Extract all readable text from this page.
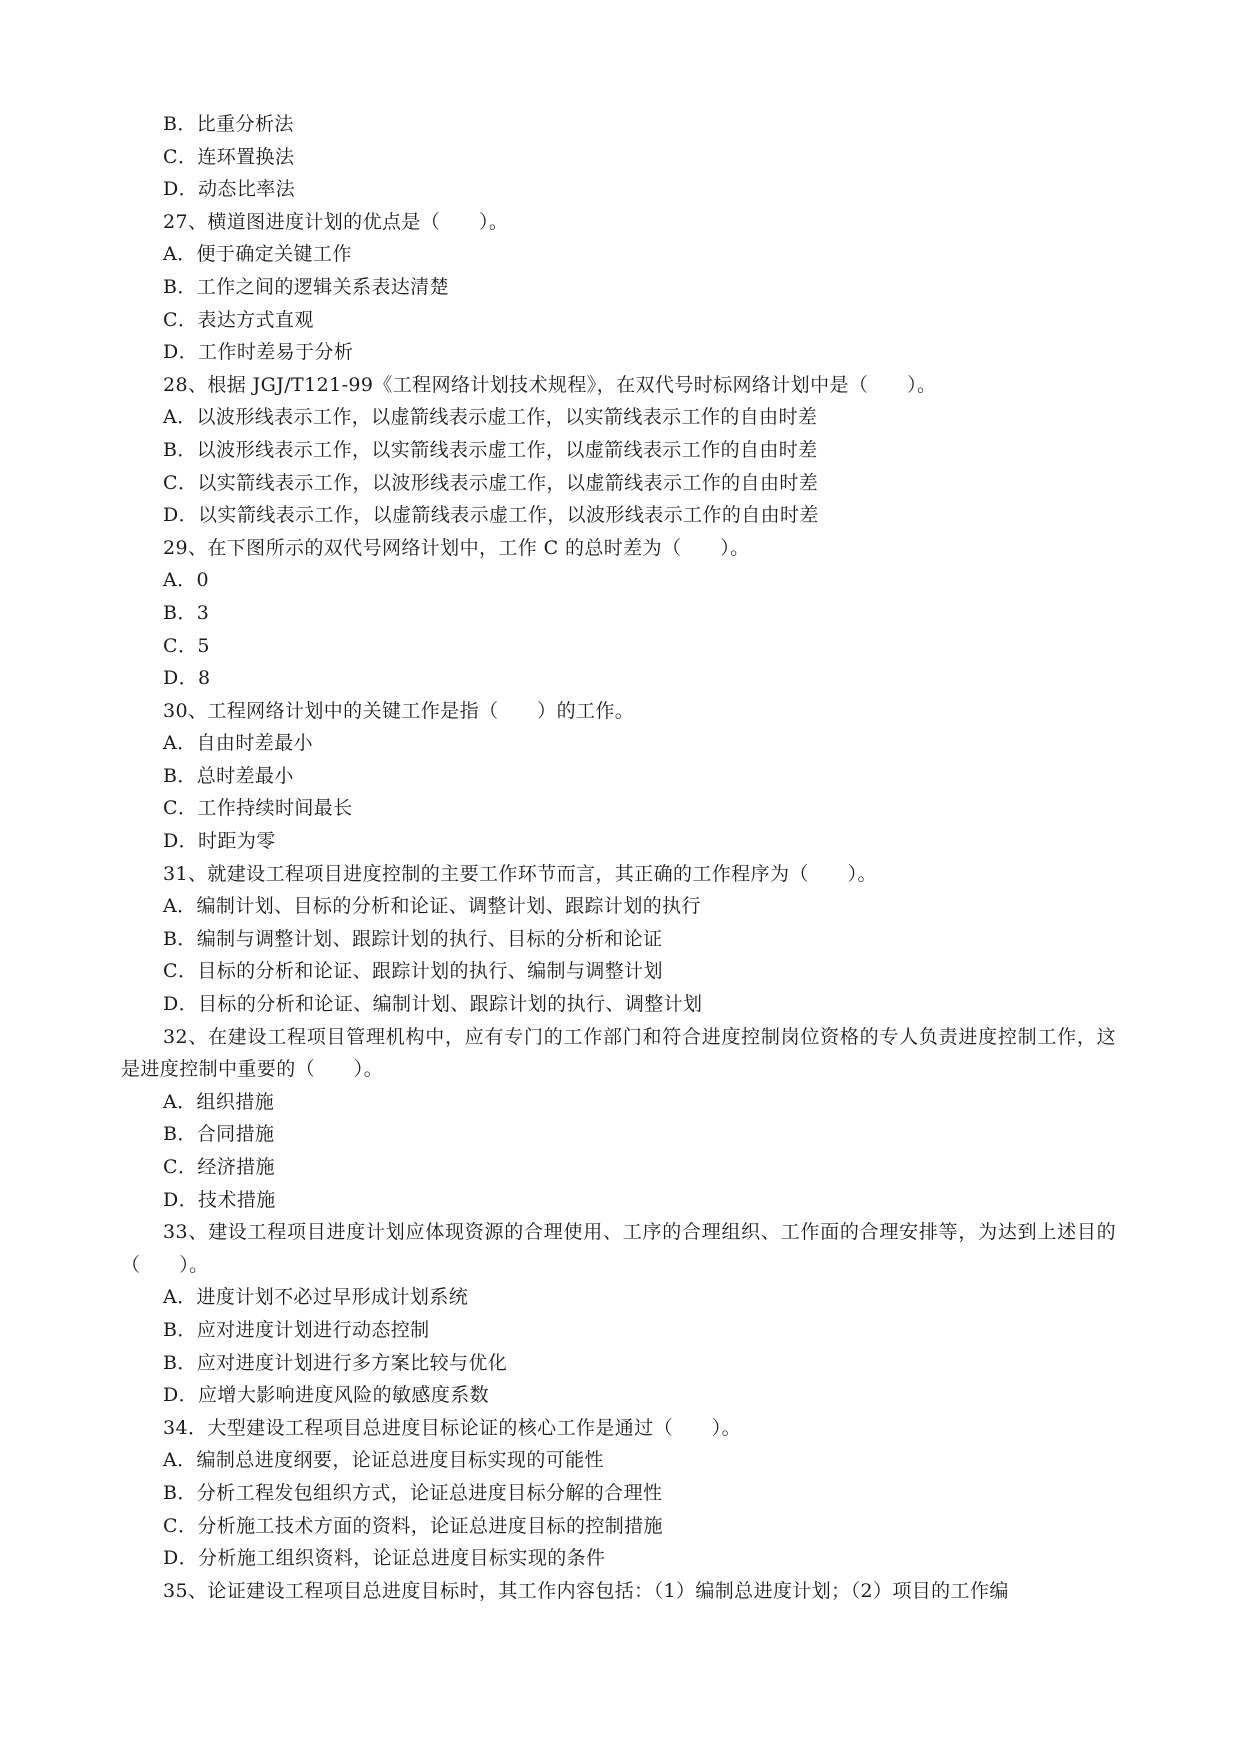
B．比重分析法
C．连环置换法
D．动态比率法
27、横道图进度计划的优点是（　　）。
A．便于确定关键工作
B．工作之间的逻辑关系表达清楚
C．表达方式直观
D．工作时差易于分析
28、根据 JGJ/T121-99《工程网络计划技术规程》，在双代号时标网络计划中是（　　）。
A．以波形线表示工作，以虚箭线表示虚工作，以实箭线表示工作的自由时差
B．以波形线表示工作，以实箭线表示虚工作，以虚箭线表示工作的自由时差
C．以实箭线表示工作，以波形线表示虚工作，以虚箭线表示工作的自由时差
D．以实箭线表示工作，以虚箭线表示虚工作，以波形线表示工作的自由时差
29、在下图所示的双代号网络计划中，工作 C 的总时差为（　　）。
A．0
B．3
C．5
D．8
30、工程网络计划中的关键工作是指（　　）的工作。
A．自由时差最小
B．总时差最小
C．工作持续时间最长
D．时距为零
31、就建设工程项目进度控制的主要工作环节而言，其正确的工作程序为（　　）。
A．编制计划、目标的分析和论证、调整计划、跟踪计划的执行
B．编制与调整计划、跟踪计划的执行、目标的分析和论证
C．目标的分析和论证、跟踪计划的执行、编制与调整计划
D．目标的分析和论证、编制计划、跟踪计划的执行、调整计划
32、在建设工程项目管理机构中，应有专门的工作部门和符合进度控制岗位资格的专人负责进度控制工作，这是进度控制中重要的（　　）。
A．组织措施
B．合同措施
C．经济措施
D．技术措施
33、建设工程项目进度计划应体现资源的合理使用、工序的合理组织、工作面的合理安排等，为达到上述目的（　　）。
A．进度计划不必过早形成计划系统
B．应对进度计划进行动态控制
B．应对进度计划进行多方案比较与优化
D．应增大影响进度风险的敏感度系数
34．大型建设工程项目总进度目标论证的核心工作是通过（　　）。
A．编制总进度纲要，论证总进度目标实现的可能性
B．分析工程发包组织方式，论证总进度目标分解的合理性
C．分析施工技术方面的资料，论证总进度目标的控制措施
D．分析施工组织资料，论证总进度目标实现的条件
35、论证建设工程项目总进度目标时，其工作内容包括：（1）编制总进度计划；（2）项目的工作编
